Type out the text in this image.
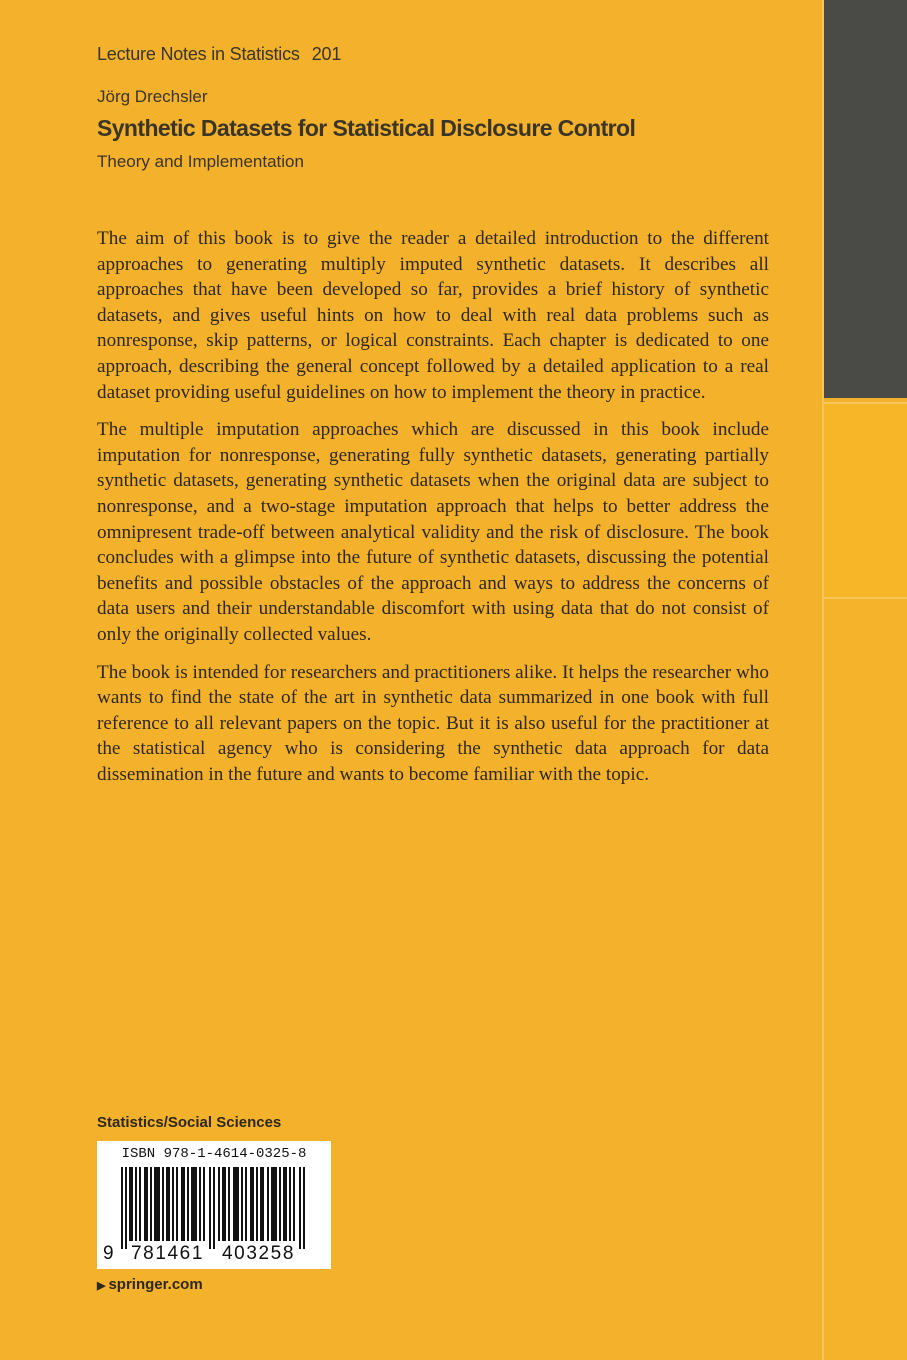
Lecture Notes in Statistics 201
Jörg Drechsler
Synthetic Datasets for Statistical Disclosure Control
Theory and Implementation

The aim of this book is to give the reader a detailed introduction to the different approaches to generating multiply imputed synthetic datasets. It describes all approaches that have been developed so far, provides a brief history of synthetic datasets, and gives useful hints on how to deal with real data problems such as nonresponse, skip patterns, or logical constraints. Each chapter is dedicated to one approach, describing the general concept followed by a detailed application to a real dataset providing useful guidelines on how to implement the theory in practice.

The multiple imputation approaches which are discussed in this book include imputation for nonresponse, generating fully synthetic datasets, generating partially synthetic datasets, generating synthetic datasets when the original data are subject to nonresponse, and a two-stage imputation approach that helps to better address the omnipresent trade-off between analytical validity and the risk of disclosure. The book concludes with a glimpse into the future of synthetic datasets, discussing the potential benefits and possible obstacles of the approach and ways to address the concerns of data users and their understandable discomfort with using data that do not consist of only the originally collected values.

The book is intended for researchers and practitioners alike. It helps the researcher who wants to find the state of the art in synthetic data summarized in one book with full reference to all relevant papers on the topic. But it is also useful for the practitioner at the statistical agency who is considering the synthetic data approach for data dissemination in the future and wants to become familiar with the topic.

Statistics/Social Sciences
ISBN 978-1-4614-0325-8
9 781461 403258
▶ springer.com
